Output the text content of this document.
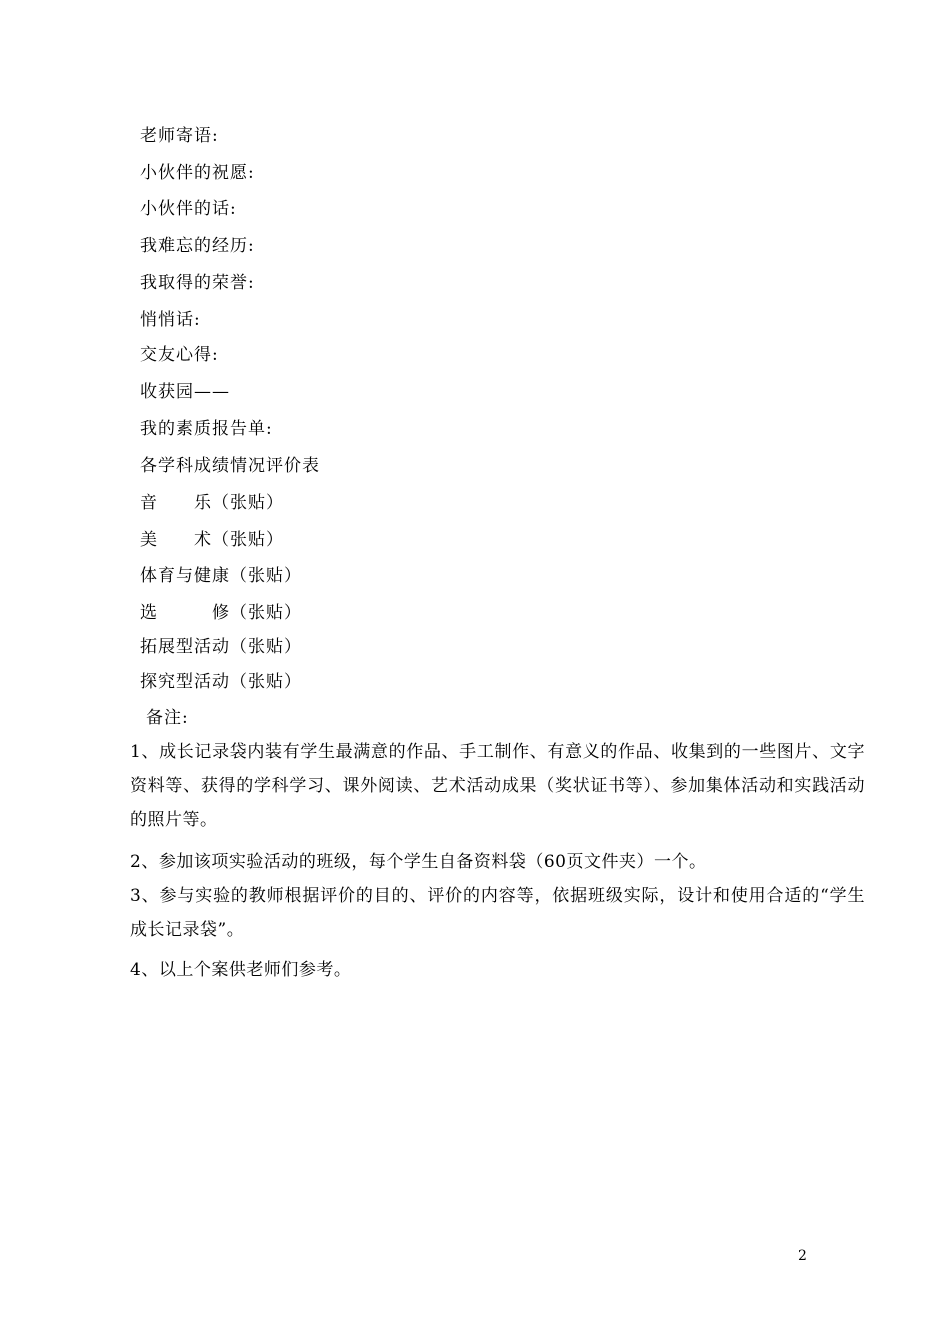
老师寄语:
小伙伴的祝愿:
小伙伴的话:
我难忘的经历:
我取得的荣誉:
悄悄话:
交友心得:
收获园——
我的素质报告单:
各学科成绩情况评价表
音　　乐（张贴）
美　　术（张贴）
体育与健康（张贴）
选　　　修（张贴）
拓展型活动（张贴）
探究型活动（张贴）
备注:
1、成长记录袋内装有学生最满意的作品、手工制作、有意义的作品、收集到的一些图片、文字资料等、获得的学科学习、课外阅读、艺术活动成果（奖状证书等）、参加集体活动和实践活动的照片等。
2、参加该项实验活动的班级，每个学生自备资料袋（60页文件夹）一个。
3、参与实验的教师根据评价的目的、评价的内容等，依据班级实际，设计和使用合适的“学生成长记录袋”。
4、以上个案供老师们参考。
2
